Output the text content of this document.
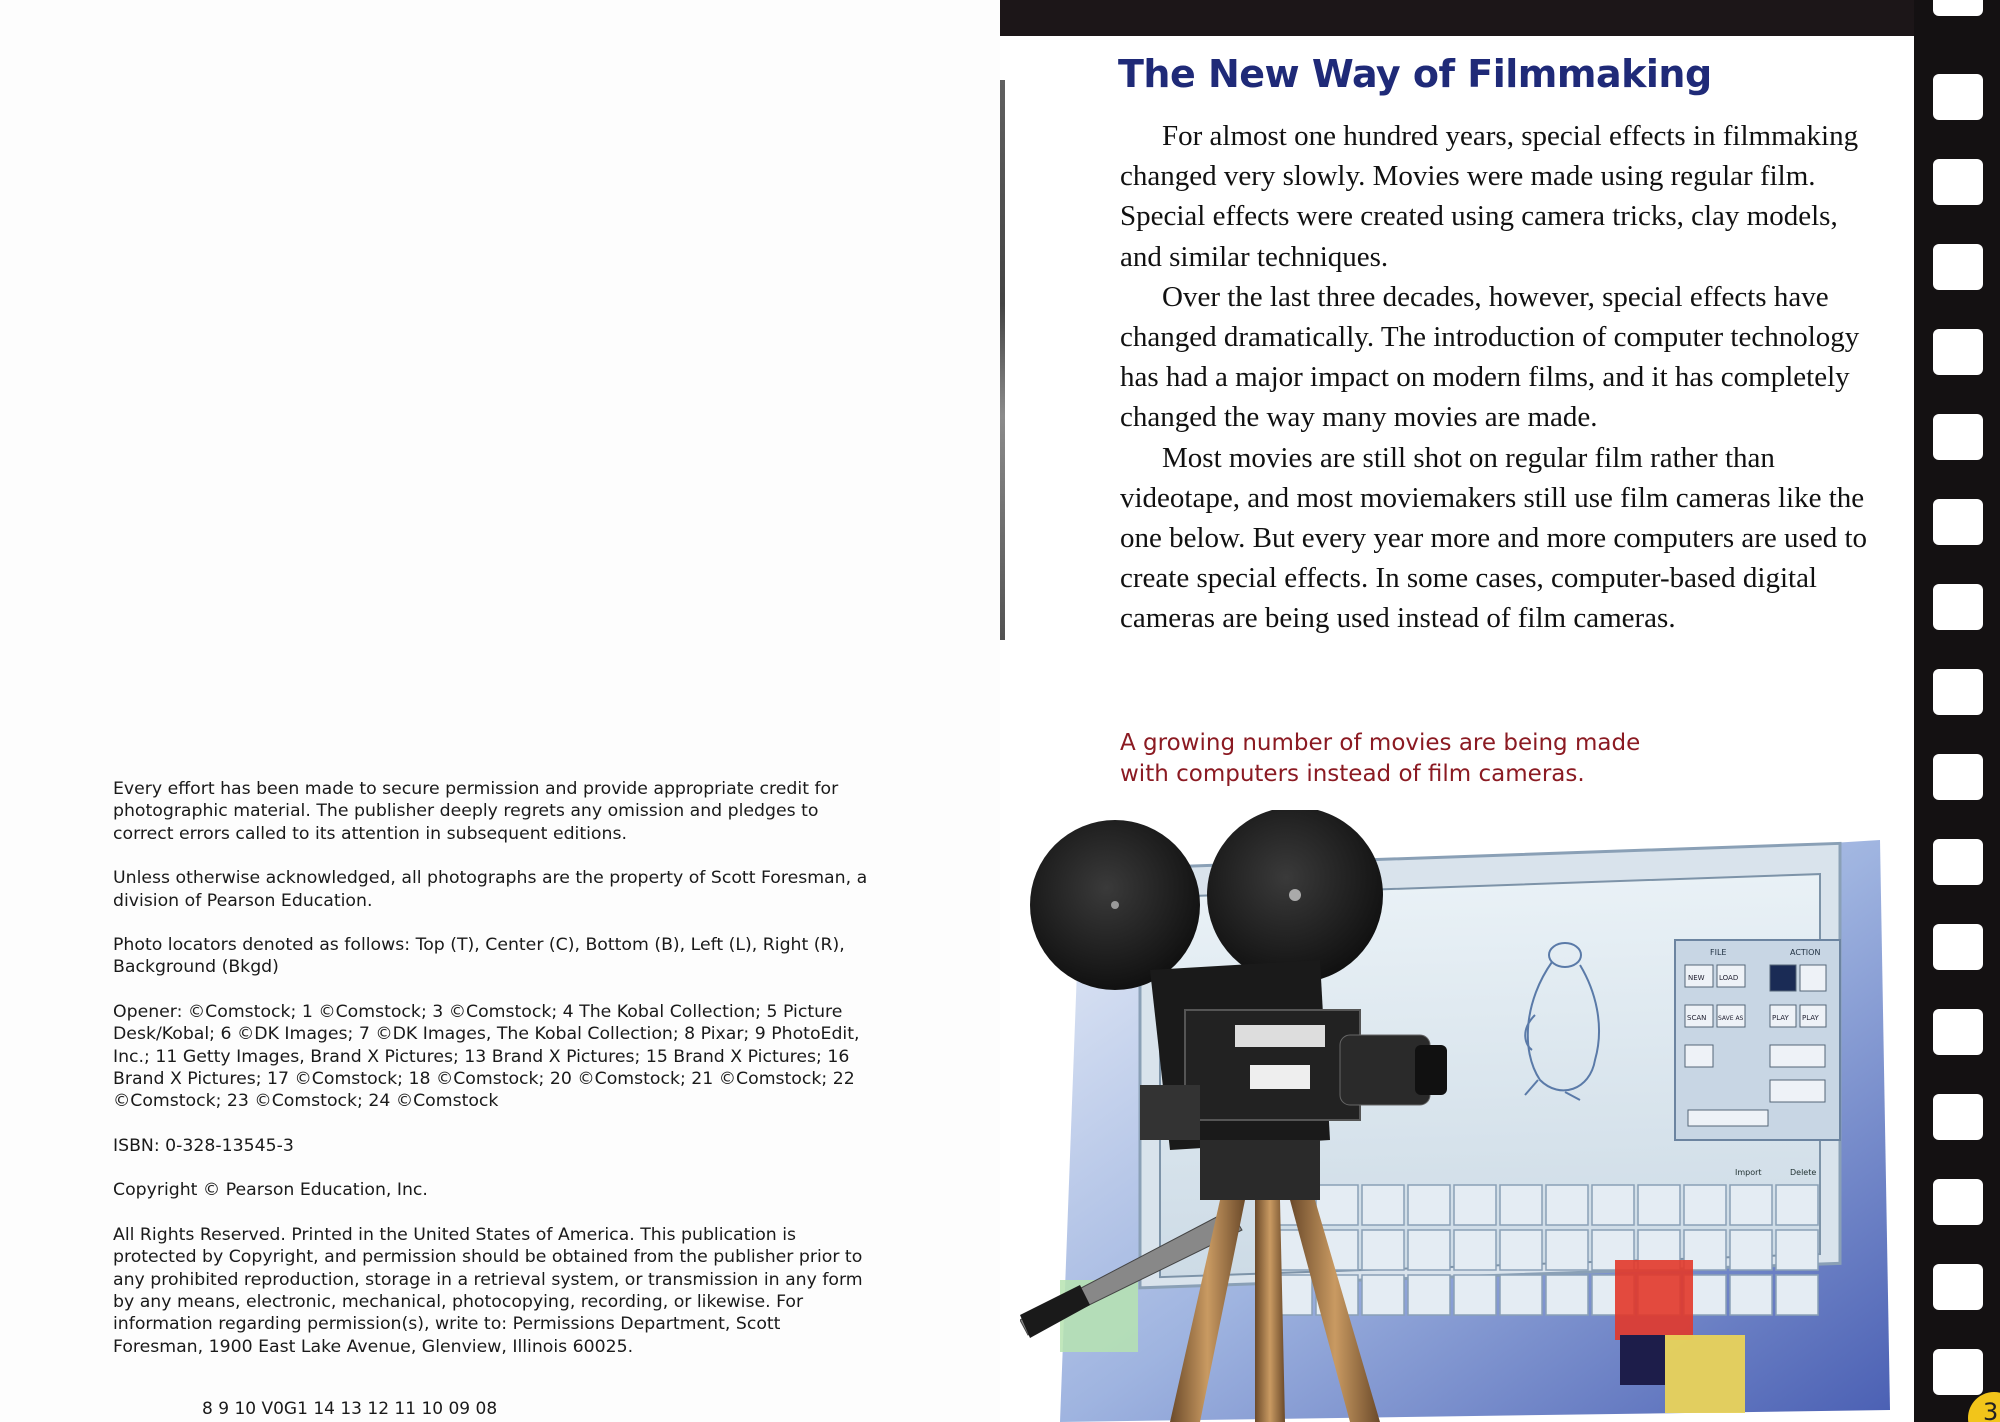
Every effort has been made to secure permission and provide appropriate credit for photographic material. The publisher deeply regrets any omission and pledges to correct errors called to its attention in subsequent editions.

Unless otherwise acknowledged, all photographs are the property of Scott Foresman, a division of Pearson Education.

Photo locators denoted as follows: Top (T), Center (C), Bottom (B), Left (L), Right (R), Background (Bkgd)

Opener: ©Comstock; 1 ©Comstock; 3 ©Comstock; 4 The Kobal Collection; 5 Picture Desk/Kobal; 6 ©DK Images; 7 ©DK Images, The Kobal Collection; 8 Pixar; 9 PhotoEdit, Inc.; 11 Getty Images, Brand X Pictures; 13 Brand X Pictures; 15 Brand X Pictures; 16 Brand X Pictures; 17 ©Comstock; 18 ©Comstock; 20 ©Comstock; 21 ©Comstock; 22 ©Comstock; 23 ©Comstock; 24 ©Comstock

ISBN: 0-328-13545-3

Copyright © Pearson Education, Inc.

All Rights Reserved. Printed in the United States of America. This publication is protected by Copyright, and permission should be obtained from the publisher prior to any prohibited reproduction, storage in a retrieval system, or transmission in any form by any means, electronic, mechanical, photocopying, recording, or likewise. For information regarding permission(s), write to: Permissions Department, Scott Foresman, 1900 East Lake Avenue, Glenview, Illinois 60025.

8 9 10 V0G1 14 13 12 11 10 09 08
The New Way of Filmmaking

For almost one hundred years, special effects in filmmaking changed very slowly. Movies were made using regular film. Special effects were created using camera tricks, clay models, and similar techniques.

Over the last three decades, however, special effects have changed dramatically. The introduction of computer technology has had a major impact on modern films, and it has completely changed the way many movies are made.

Most movies are still shot on regular film rather than videotape, and most moviemakers still use film cameras like the one below. But every year more and more computers are used to create special effects. In some cases, computer-based digital cameras are being used instead of film cameras.

A growing number of movies are being made with computers instead of film cameras.
FILE	ACTION
NEW LOAD
SCAN SAVE AS	PLAY PLAY
Import	Delete
3
